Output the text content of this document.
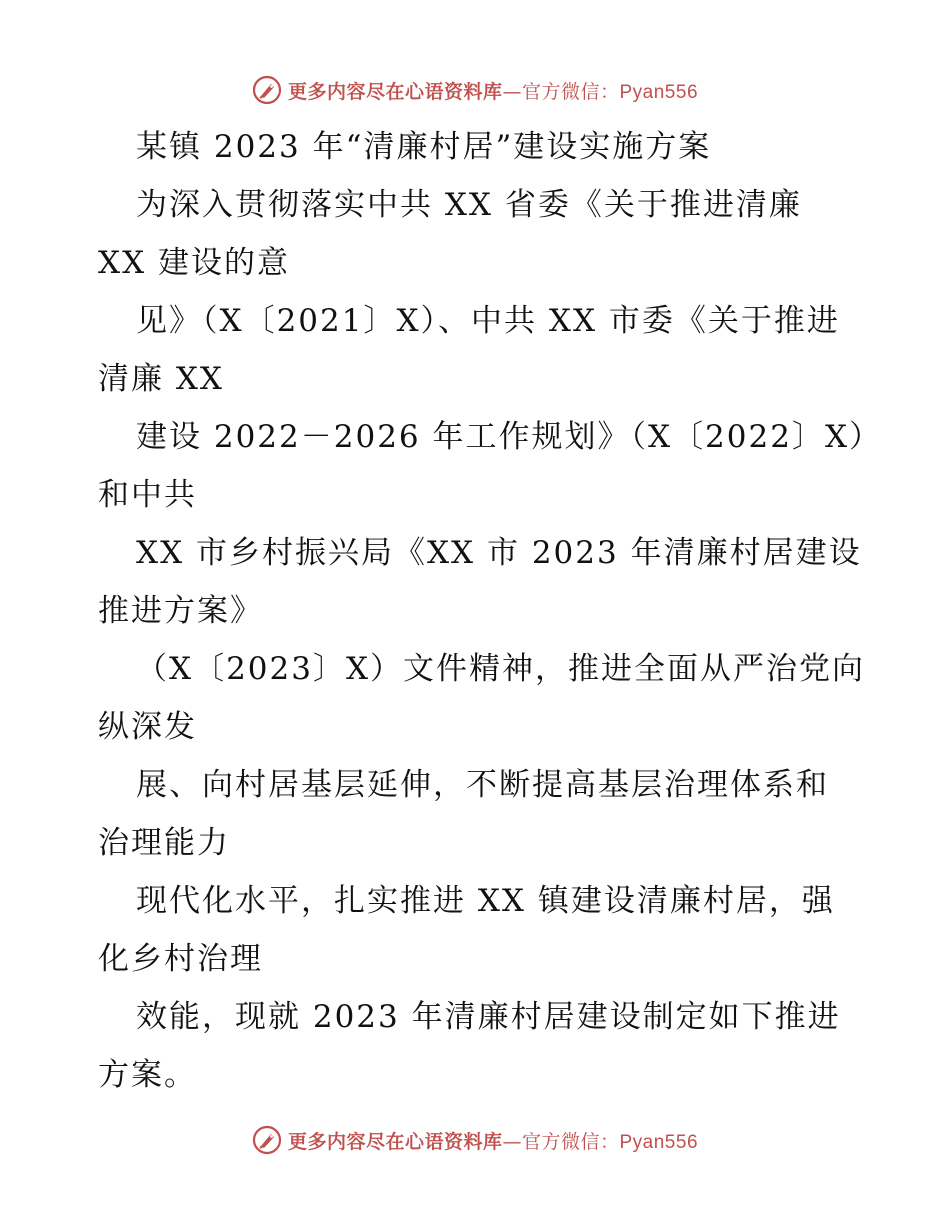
更多内容尽在心语资料库—官方微信：Pyan556
某镇 2023 年“清廉村居”建设实施方案
为深入贯彻落实中共 XX 省委《关于推进清廉
XX 建设的意
见》（X〔2021〕X）、中共 XX 市委《关于推进
清廉 XX
建设 2022－2026 年工作规划》（X〔2022〕X）
和中共
XX 市乡村振兴局《XX 市 2023 年清廉村居建设
推进方案》
（X〔2023〕X）文件精神，推进全面从严治党向
纵深发
展、向村居基层延伸，不断提高基层治理体系和
治理能力
现代化水平，扎实推进 XX 镇建设清廉村居，强
化乡村治理
效能，现就 2023 年清廉村居建设制定如下推进
方案。
更多内容尽在心语资料库—官方微信：Pyan556
